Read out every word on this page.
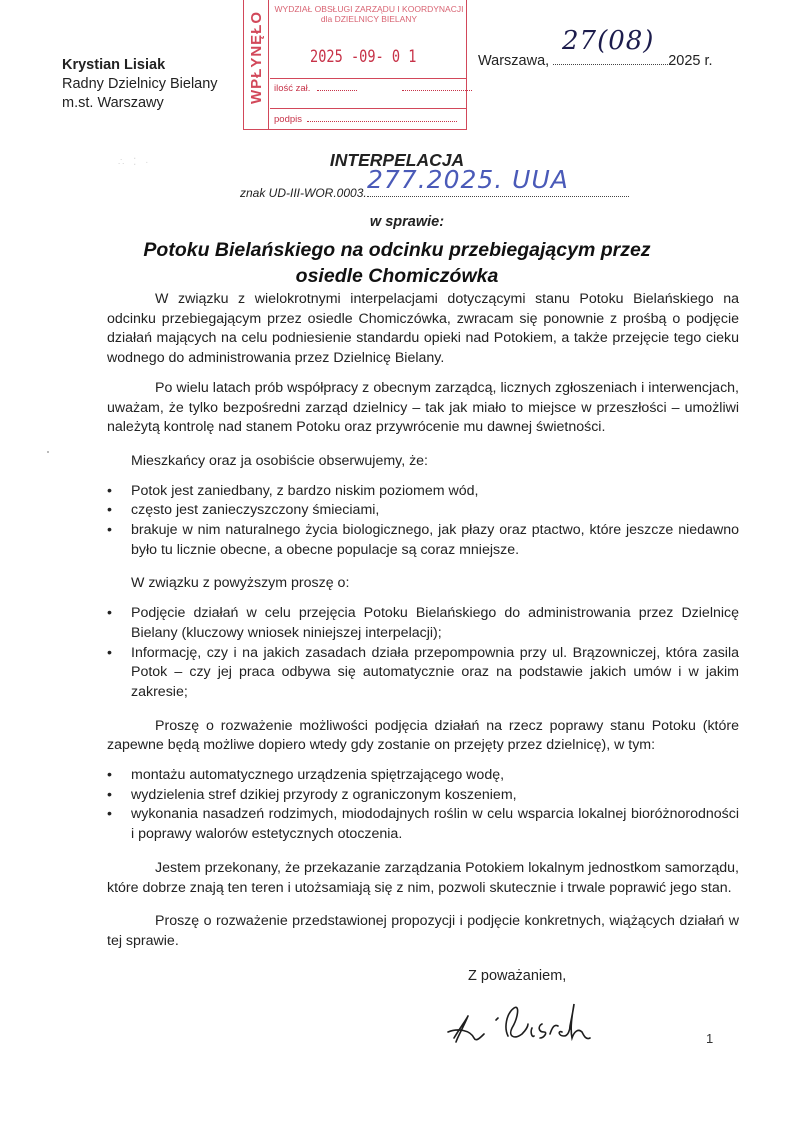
Krystian Lisiak
Radny Dzielnicy Bielany
m.st. Warszawy	WPŁYNĘŁO
WYDZIAŁ OBSŁUGI ZARZĄDU I KOORDYNACJI
dla DZIELNICY BIELANY
2025 -09- 0 1
ilość zał.
podpis
Warszawa,	2025 r.
27(08)
∴ ⁚ ·	INTERPELACJA
znak UD-III-WOR.0003. 277.2025. UUA
w sprawie:
Potoku Bielańskiego na odcinku przebiegającym przez
osiedle Chomiczówka

W związku z wielokrotnymi interpelacjami dotyczącymi stanu Potoku Bielańskiego na odcinku przebiegającym przez osiedle Chomiczówka, zwracam się ponownie z prośbą o podjęcie działań mających na celu podniesienie standardu opieki nad Potokiem, a także przejęcie tego cieku wodnego do administrowania przez Dzielnicę Bielany.

Po wielu latach prób współpracy z obecnym zarządcą, licznych zgłoszeniach i interwencjach, uważam, że tylko bezpośredni zarząd dzielnicy – tak jak miało to miejsce w przeszłości – umożliwi należytą kontrolę nad stanem Potoku oraz przywrócenie mu dawnej świetności.

Mieszkańcy oraz ja osobiście obserwujemy, że:

• Potok jest zaniedbany, z bardzo niskim poziomem wód,
• często jest zanieczyszczony śmieciami,
• brakuje w nim naturalnego życia biologicznego, jak płazy oraz ptactwo, które jeszcze niedawno było tu licznie obecne, a obecne populacje są coraz mniejsze.

W związku z powyższym proszę o:

• Podjęcie działań w celu przejęcia Potoku Bielańskiego do administrowania przez Dzielnicę Bielany (kluczowy wniosek niniejszej interpelacji);
• Informację, czy i na jakich zasadach działa przepompownia przy ul. Brązowniczej, która zasila Potok – czy jej praca odbywa się automatycznie oraz na podstawie jakich umów i w jakim zakresie;

Proszę o rozważenie możliwości podjęcia działań na rzecz poprawy stanu Potoku (które zapewne będą możliwe dopiero wtedy gdy zostanie on przejęty przez dzielnicę), w tym:

• montażu automatycznego urządzenia spiętrzającego wodę,
• wydzielenia stref dzikiej przyrody z ograniczonym koszeniem,
• wykonania nasadzeń rodzimych, miododajnych roślin w celu wsparcia lokalnej bioróżnorodności i poprawy walorów estetycznych otoczenia.

Jestem przekonany, że przekazanie zarządzania Potokiem lokalnym jednostkom samorządu, które dobrze znają ten teren i utożsamiają się z nim, pozwoli skutecznie i trwale poprawić jego stan.

Proszę o rozważenie przedstawionej propozycji i podjęcie konkretnych, wiążących działań w tej sprawie.

Z poważaniem,
1
